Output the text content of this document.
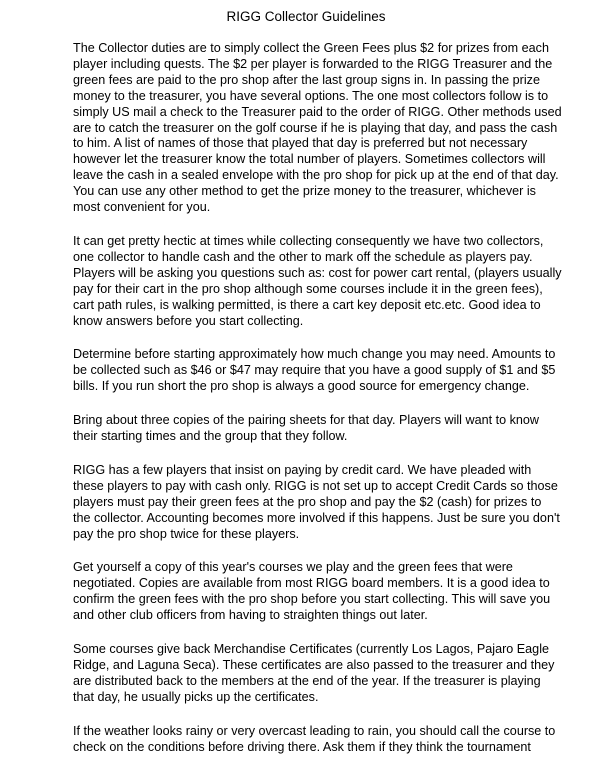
RIGG Collector Guidelines

The Collector duties are to simply collect the Green Fees plus $2 for prizes from each
player including quests. The $2 per player is forwarded to the RIGG Treasurer and the
green fees are paid to the pro shop after the last group signs in. In passing the prize
money to the treasurer, you have several options. The one most collectors follow is to
simply US mail a check to the Treasurer paid to the order of RIGG. Other methods used
are to catch the treasurer on the golf course if he is playing that day, and pass the cash
to him. A list of names of those that played that day is preferred but not necessary
however let the treasurer know the total number of players. Sometimes collectors will
leave the cash in a sealed envelope with the pro shop for pick up at the end of that day.
You can use any other method to get the prize money to the treasurer, whichever is
most convenient for you.

It can get pretty hectic at times while collecting consequently we have two collectors,
one collector to handle cash and the other to mark off the schedule as players pay.
Players will be asking you questions such as: cost for power cart rental, (players usually
pay for their cart in the pro shop although some courses include it in the green fees),
cart path rules, is walking permitted, is there a cart key deposit etc.etc. Good idea to
know answers before you start collecting.

Determine before starting approximately how much change you may need. Amounts to
be collected such as $46 or $47 may require that you have a good supply of $1 and $5
bills. If you run short the pro shop is always a good source for emergency change.

Bring about three copies of the pairing sheets for that day. Players will want to know
their starting times and the group that they follow.

RIGG has a few players that insist on paying by credit card. We have pleaded with
these players to pay with cash only. RIGG is not set up to accept Credit Cards so those
players must pay their green fees at the pro shop and pay the $2 (cash) for prizes to
the collector. Accounting becomes more involved if this happens. Just be sure you don't
pay the pro shop twice for these players.

Get yourself a copy of this year's courses we play and the green fees that were
negotiated. Copies are available from most RIGG board members. It is a good idea to
confirm the green fees with the pro shop before you start collecting. This will save you
and other club officers from having to straighten things out later.

Some courses give back Merchandise Certificates (currently Los Lagos, Pajaro Eagle
Ridge, and Laguna Seca). These certificates are also passed to the treasurer and they
are distributed back to the members at the end of the year. If the treasurer is playing
that day, he usually picks up the certificates.

If the weather looks rainy or very overcast leading to rain, you should call the course to
check on the conditions before driving there. Ask them if they think the tournament
